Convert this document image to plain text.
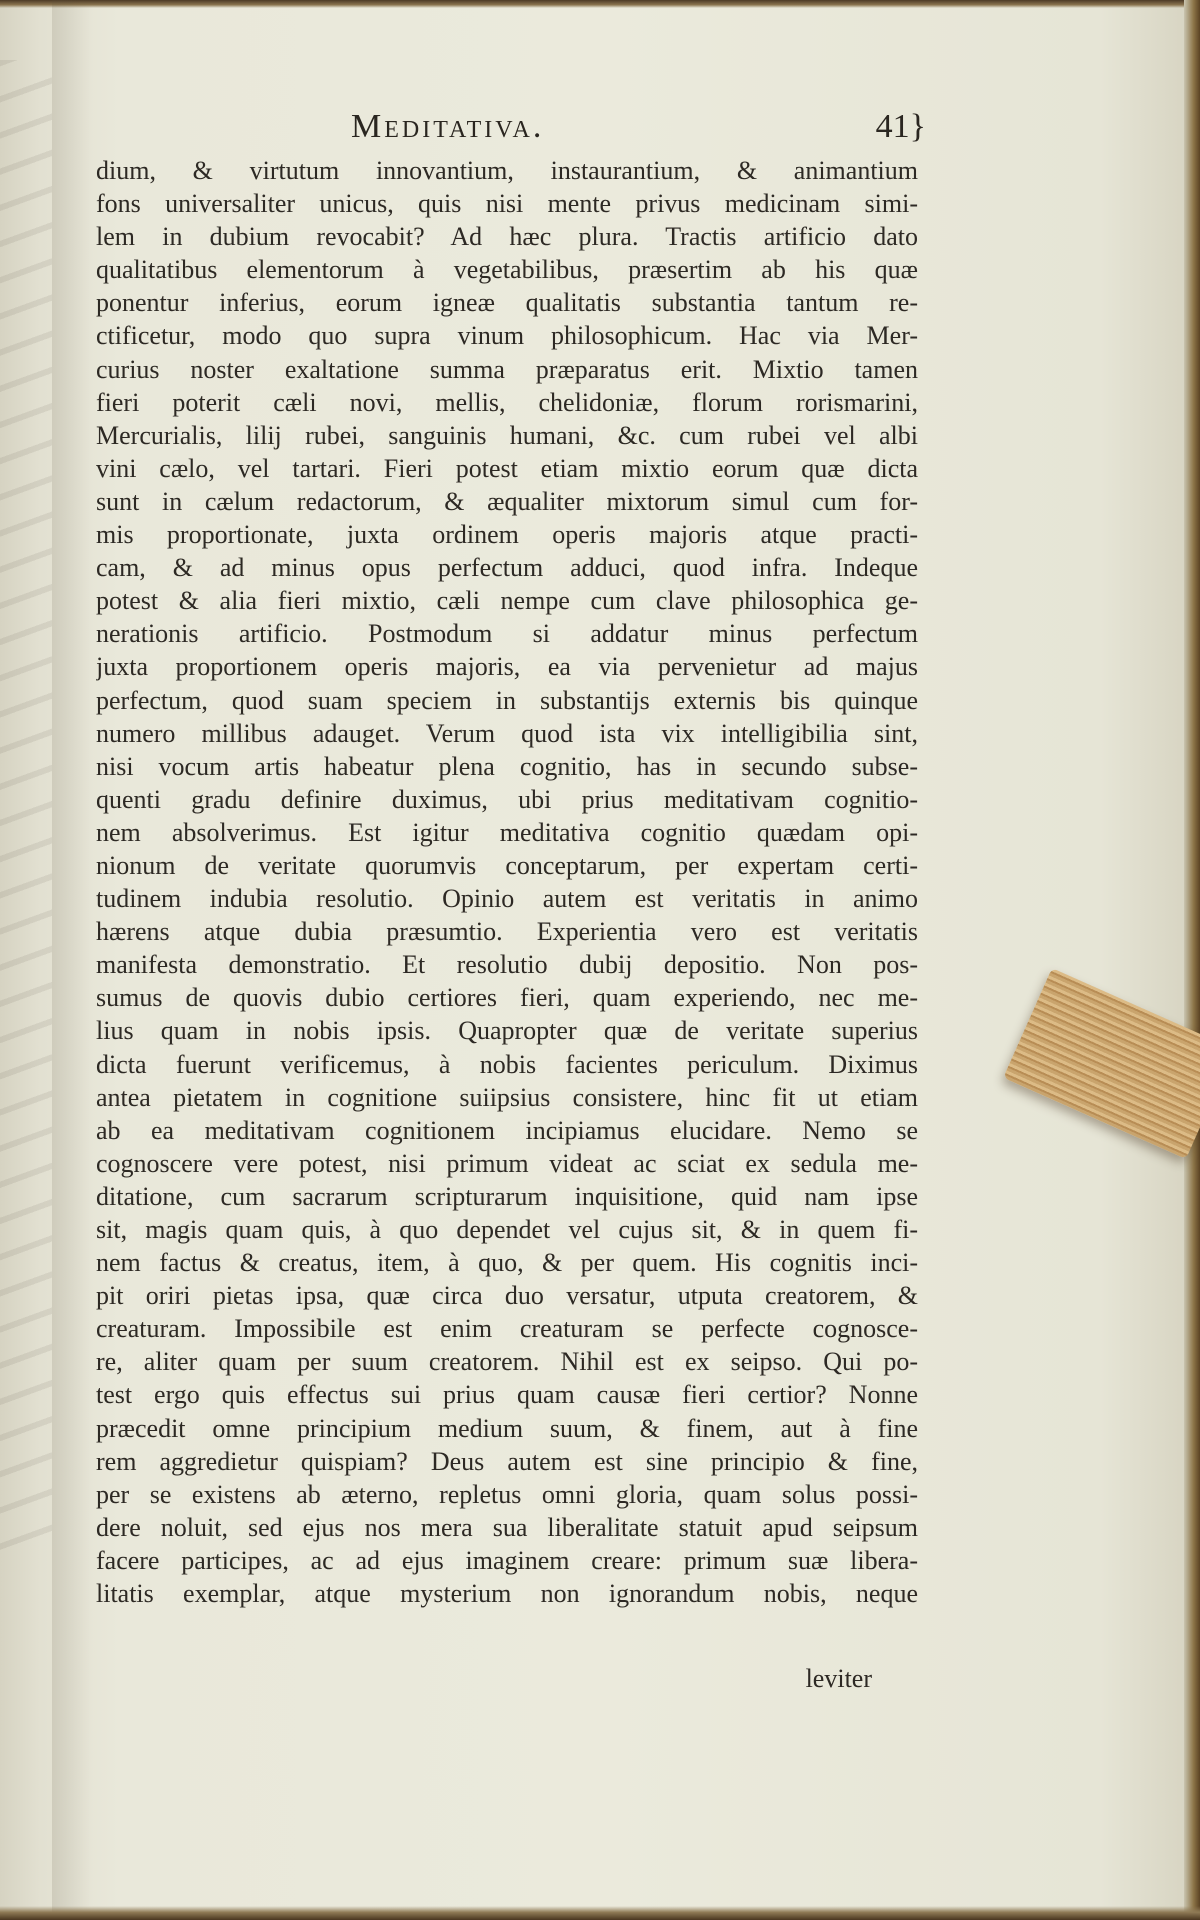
Meditativa.	41}
dium, & virtutum innovantium, instaurantium, & animantium
fons universaliter unicus, quis nisi mente privus medicinam simi-
lem in dubium revocabit? Ad hæc plura. Tractis artificio dato
qualitatibus elementorum à vegetabilibus, præsertim ab his quæ
ponentur inferius, eorum igneæ qualitatis substantia tantum re-
ctificetur, modo quo supra vinum philosophicum. Hac via Mer-
curius noster exaltatione summa præparatus erit. Mixtio tamen
fieri poterit cæli novi, mellis, chelidoniæ, florum rorismarini,
Mercurialis, lilij rubei, sanguinis humani, &c. cum rubei vel albi
vini cælo, vel tartari. Fieri potest etiam mixtio eorum quæ dicta
sunt in cælum redactorum, & æqualiter mixtorum simul cum for-
mis proportionate, juxta ordinem operis majoris atque practi-
cam, & ad minus opus perfectum adduci, quod infra. Indeque
potest & alia fieri mixtio, cæli nempe cum clave philosophica ge-
nerationis artificio. Postmodum si addatur minus perfectum
juxta proportionem operis majoris, ea via pervenietur ad majus
perfectum, quod suam speciem in substantijs externis bis quinque
numero millibus adauget. Verum quod ista vix intelligibilia sint,
nisi vocum artis habeatur plena cognitio, has in secundo subse-
quenti gradu definire duximus, ubi prius meditativam cognitio-
nem absolverimus. Est igitur meditativa cognitio quædam opi-
nionum de veritate quorumvis conceptarum, per expertam certi-
tudinem indubia resolutio. Opinio autem est veritatis in animo
hærens atque dubia præsumtio. Experientia vero est veritatis
manifesta demonstratio. Et resolutio dubij depositio. Non pos-
sumus de quovis dubio certiores fieri, quam experiendo, nec me-
lius quam in nobis ipsis. Quapropter quæ de veritate superius
dicta fuerunt verificemus, à nobis facientes periculum. Diximus
antea pietatem in cognitione suiipsius consistere, hinc fit ut etiam
ab ea meditativam cognitionem incipiamus elucidare. Nemo se
cognoscere vere potest, nisi primum videat ac sciat ex sedula me-
ditatione, cum sacrarum scripturarum inquisitione, quid nam ipse
sit, magis quam quis, à quo dependet vel cujus sit, & in quem fi-
nem factus & creatus, item, à quo, & per quem. His cognitis inci-
pit oriri pietas ipsa, quæ circa duo versatur, utputa creatorem, &
creaturam. Impossibile est enim creaturam se perfecte cognosce-
re, aliter quam per suum creatorem. Nihil est ex seipso. Qui po-
test ergo quis effectus sui prius quam causæ fieri certior? Nonne
præcedit omne principium medium suum, & finem, aut à fine
rem aggredietur quispiam? Deus autem est sine principio & fine,
per se existens ab æterno, repletus omni gloria, quam solus possi-
dere noluit, sed ejus nos mera sua liberalitate statuit apud seipsum
facere participes, ac ad ejus imaginem creare: primum suæ libera-
litatis exemplar, atque mysterium non ignorandum nobis, neque
leviter
